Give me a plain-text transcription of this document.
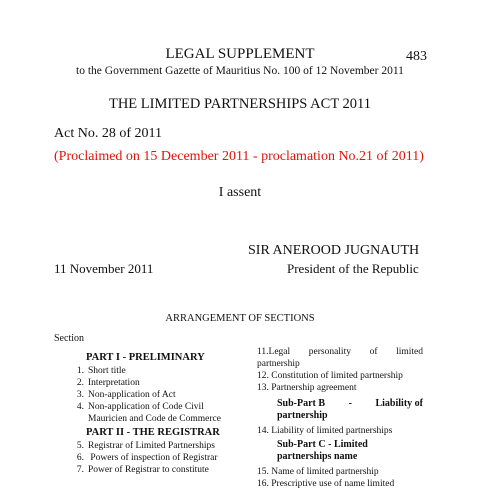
LEGAL SUPPLEMENT	483
to the Government Gazette of Mauritius No. 100 of 12 November 2011
THE LIMITED PARTNERSHIPS ACT 2011
Act No. 28 of 2011
(Proclaimed on 15 December 2011 - proclamation No.21 of 2011)
I assent
SIR ANEROOD JUGNAUTH
11 November 2011	President of the Republic
ARRANGEMENT OF SECTIONS
Section
PART I - PRELIMINARY
1. Short title
2. Interpretation
3. Non-application of Act
4. Non-application of Code Civil
Mauricien and Code de Commerce
PART II - THE REGISTRAR
5. Registrar of Limited Partnerships
6. Powers of inspection of Registrar
7. Power of Registrar to constitute
11.Legal personality of limited
partnership
12. Constitution of limited partnership
13. Partnership agreement
Sub-Part B - Liability of
partnership
14. Liability of limited partnerships
Sub-Part C - Limited
partnerships name
15. Name of limited partnership
16. Prescriptive use of name limited
